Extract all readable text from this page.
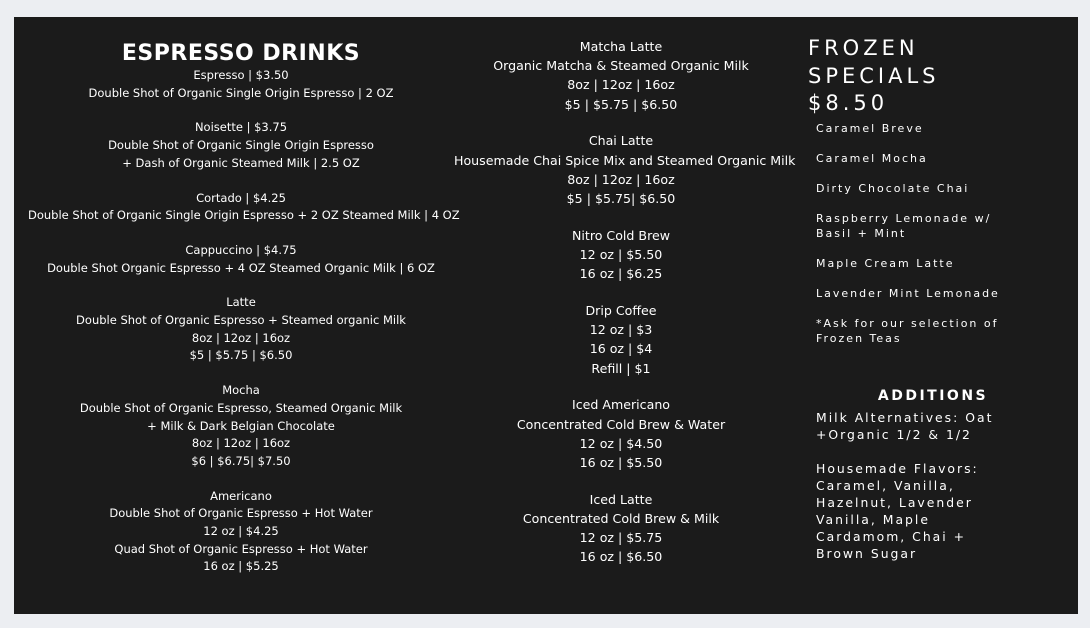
ESPRESSO DRINKS
Espresso | $3.50
Double Shot of Organic Single Origin Espresso | 2 OZ
Noisette | $3.75
Double Shot of Organic Single Origin Espresso
+ Dash of Organic Steamed Milk | 2.5 OZ
Cortado | $4.25
Double Shot of Organic Single Origin Espresso + 2 OZ Steamed Milk | 4 OZ
Cappuccino | $4.75
Double Shot Organic Espresso + 4 OZ Steamed Organic Milk | 6 OZ
Latte
Double Shot of Organic Espresso + Steamed organic Milk
8oz | 12oz | 16oz
$5 | $5.75 | $6.50
Mocha
Double Shot of Organic Espresso, Steamed Organic Milk
+ Milk & Dark Belgian Chocolate
8oz | 12oz | 16oz
$6 | $6.75| $7.50
Americano
Double Shot of Organic Espresso + Hot Water
12 oz | $4.25
Quad Shot of Organic Espresso + Hot Water
16 oz | $5.25
Matcha Latte
Organic Matcha & Steamed Organic Milk
8oz | 12oz | 16oz
$5 | $5.75 | $6.50
Chai Latte
Housemade Chai Spice Mix and Steamed Organic Milk
8oz | 12oz | 16oz
$5 | $5.75| $6.50
Nitro Cold Brew
12 oz | $5.50
16 oz | $6.25
Drip Coffee
12 oz | $3
16 oz | $4
Refill | $1
Iced Americano
Concentrated Cold Brew & Water
12 oz | $4.50
16 oz | $5.50
Iced Latte
Concentrated Cold Brew & Milk
12 oz | $5.75
16 oz | $6.50
FROZEN
SPECIALS
$8.50
Caramel Breve
Caramel Mocha
Dirty Chocolate Chai
Raspberry Lemonade w/
Basil + Mint
Maple Cream Latte
Lavender Mint Lemonade
*Ask for our selection of
Frozen Teas
ADDITIONS
Milk Alternatives: Oat
+Organic 1/2 & 1/2
Housemade Flavors:
Caramel, Vanilla,
Hazelnut, Lavender
Vanilla, Maple
Cardamom, Chai +
Brown Sugar
